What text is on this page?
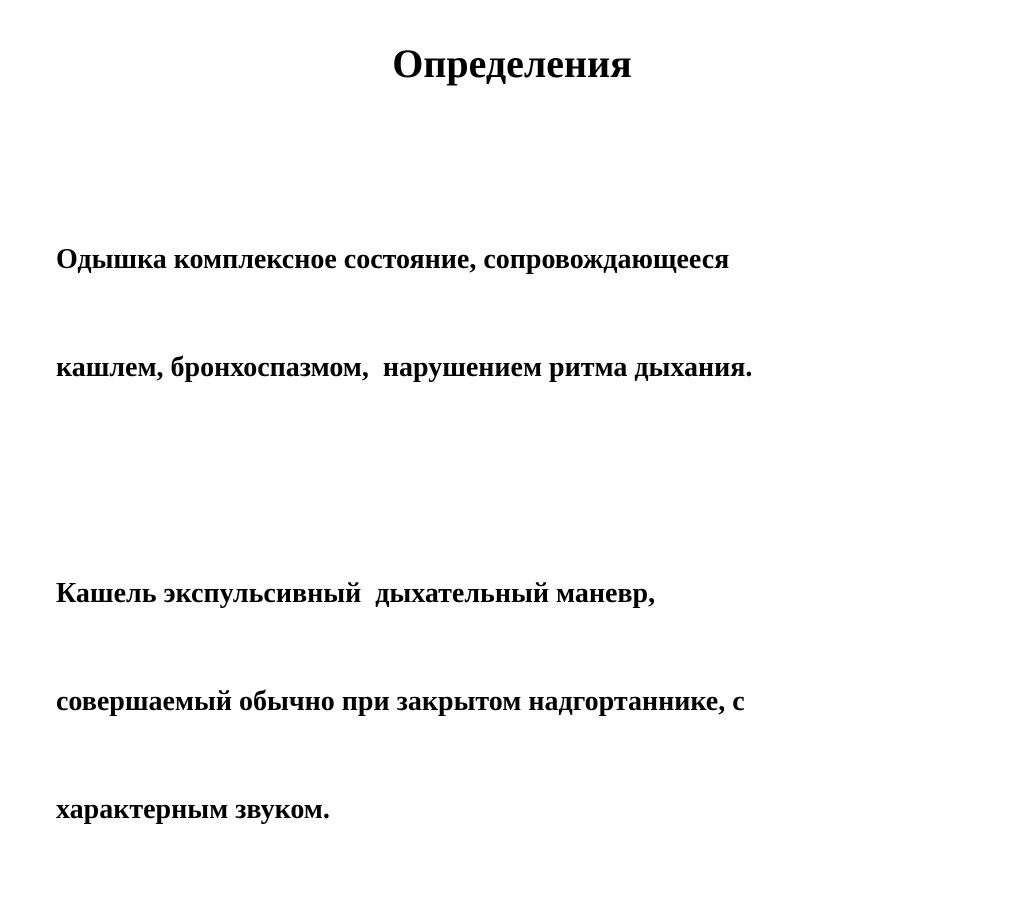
Определения

Одышка комплексное состояние, сопровождающееся

кашлем, бронхоспазмом,  нарушением ритма дыхания.

Кашель экспульсивный  дыхательный маневр,

совершаемый обычно при закрытом надгортаннике, с

характерным звуком.
